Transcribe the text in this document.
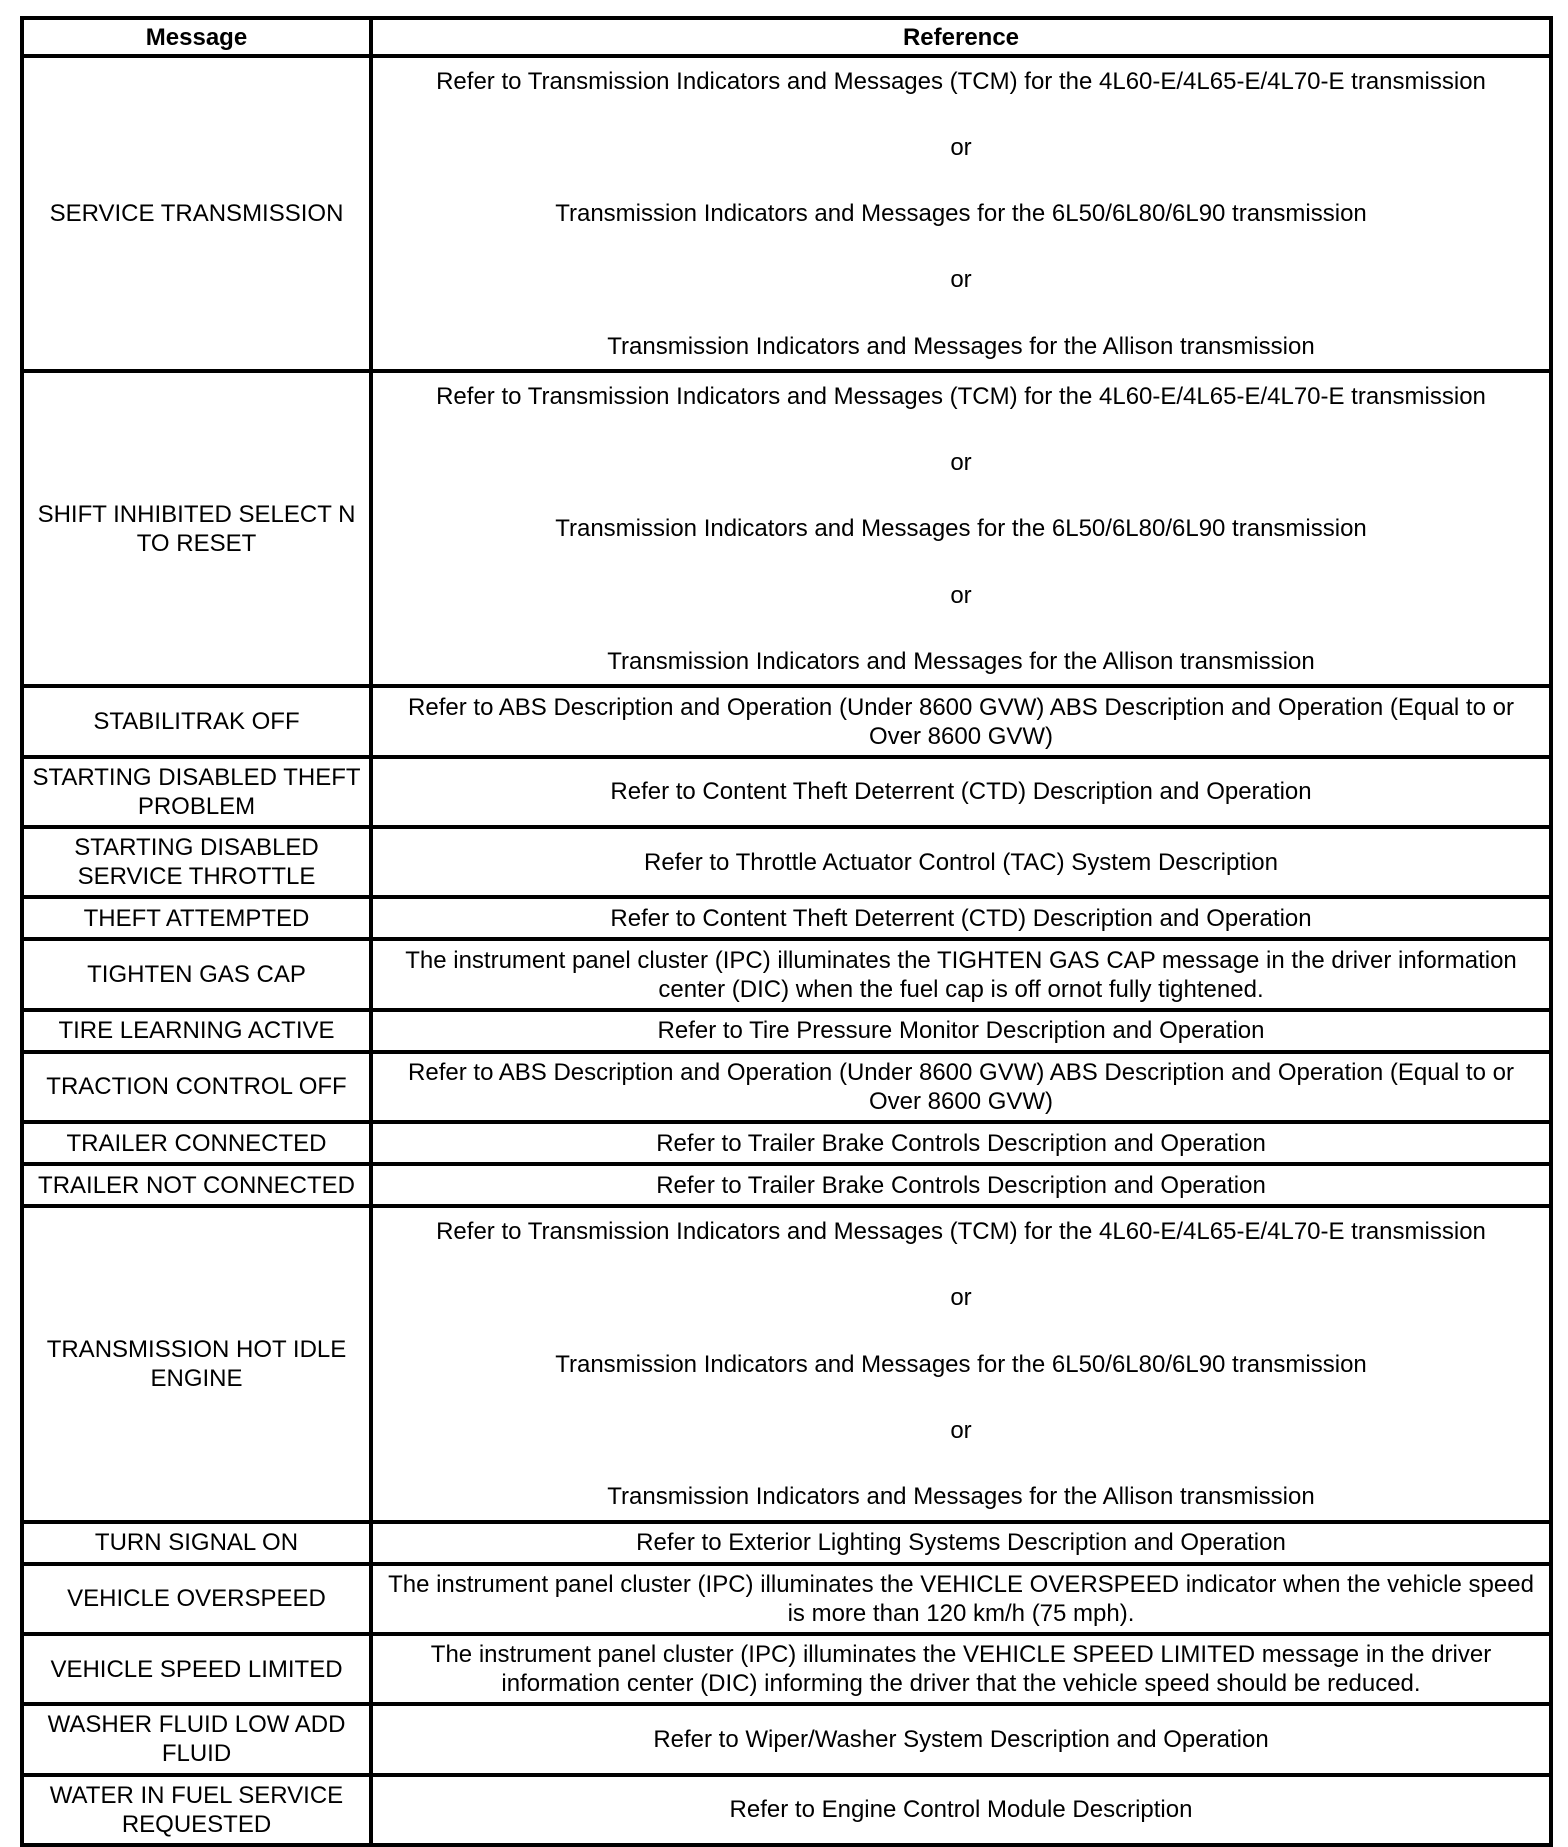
Message	Reference
SERVICE TRANSMISSION	Refer to Transmission Indicators and Messages (TCM) for the 4L60-E/4L65-E/4L70-E transmission
or
Transmission Indicators and Messages for the 6L50/6L80/6L90 transmission
or
Transmission Indicators and Messages for the Allison transmission

SHIFT INHIBITED SELECT N TO RESET	Refer to Transmission Indicators and Messages (TCM) for the 4L60-E/4L65-E/4L70-E transmission
or
Transmission Indicators and Messages for the 6L50/6L80/6L90 transmission
or
Transmission Indicators and Messages for the Allison transmission

STABILITRAK OFF	Refer to ABS Description and Operation (Under 8600 GVW) ABS Description and Operation (Equal to or Over 8600 GVW)
STARTING DISABLED THEFT PROBLEM	Refer to Content Theft Deterrent (CTD) Description and Operation
STARTING DISABLED SERVICE THROTTLE	Refer to Throttle Actuator Control (TAC) System Description
THEFT ATTEMPTED	Refer to Content Theft Deterrent (CTD) Description and Operation
TIGHTEN GAS CAP	The instrument panel cluster (IPC) illuminates the TIGHTEN GAS CAP message in the driver information center (DIC) when the fuel cap is off ornot fully tightened.
TIRE LEARNING ACTIVE	Refer to Tire Pressure Monitor Description and Operation
TRACTION CONTROL OFF	Refer to ABS Description and Operation (Under 8600 GVW) ABS Description and Operation (Equal to or Over 8600 GVW)
TRAILER CONNECTED	Refer to Trailer Brake Controls Description and Operation
TRAILER NOT CONNECTED	Refer to Trailer Brake Controls Description and Operation
TRANSMISSION HOT IDLE ENGINE	Refer to Transmission Indicators and Messages (TCM) for the 4L60-E/4L65-E/4L70-E transmission
or
Transmission Indicators and Messages for the 6L50/6L80/6L90 transmission
or
Transmission Indicators and Messages for the Allison transmission

TURN SIGNAL ON	Refer to Exterior Lighting Systems Description and Operation
VEHICLE OVERSPEED	The instrument panel cluster (IPC) illuminates the VEHICLE OVERSPEED indicator when the vehicle speed is more than 120 km/h (75 mph).
VEHICLE SPEED LIMITED	The instrument panel cluster (IPC) illuminates the VEHICLE SPEED LIMITED message in the driver information center (DIC) informing the driver that the vehicle speed should be reduced.
WASHER FLUID LOW ADD FLUID	Refer to Wiper/Washer System Description and Operation
WATER IN FUEL SERVICE REQUESTED	Refer to Engine Control Module Description
